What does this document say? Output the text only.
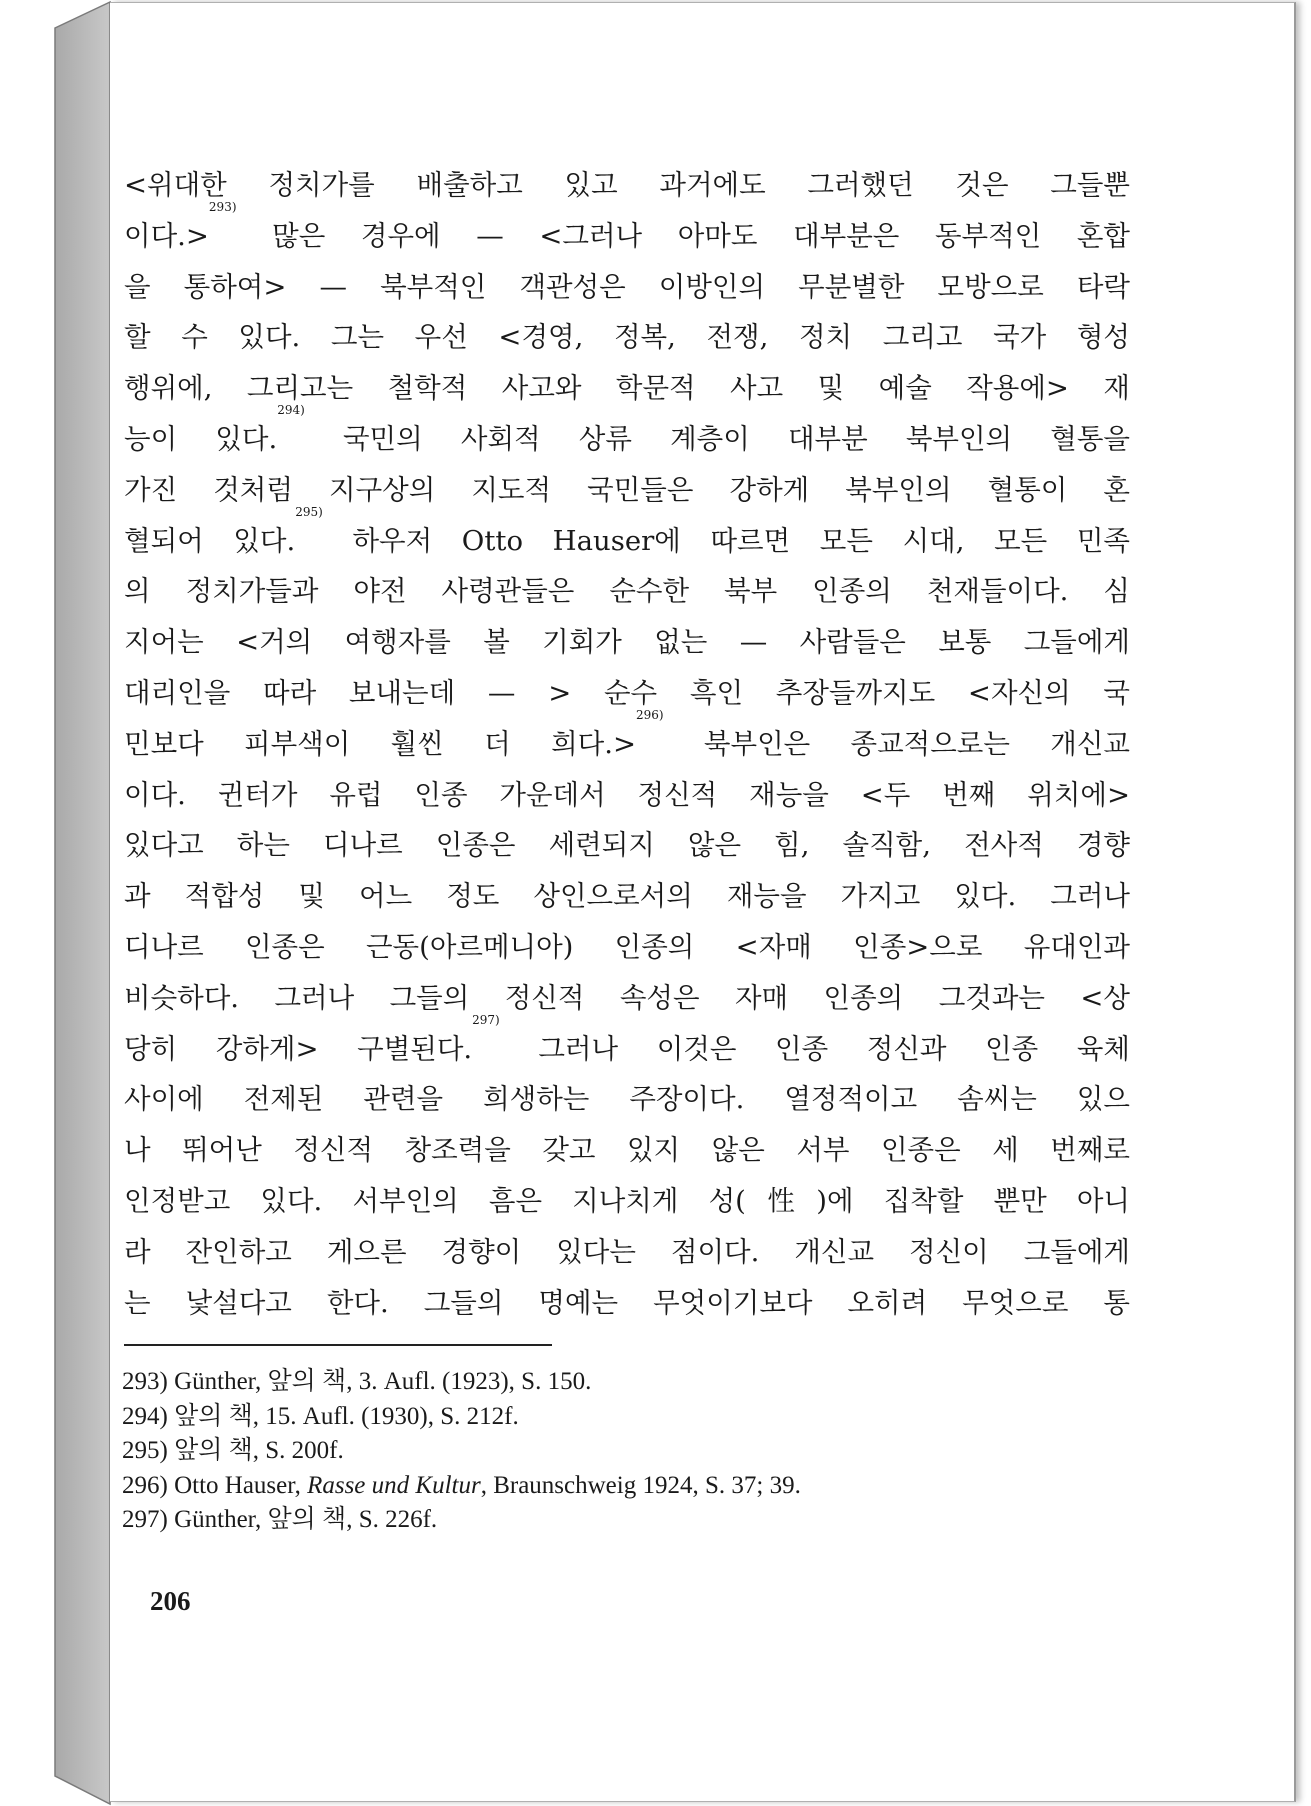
<위대한 정치가를 배출하고 있고 과거에도 그러했던 것은 그들뿐
이다.>$^{293)}$ 많은 경우에 — <그러나 아마도 대부분은 동부적인 혼합
을 통하여> — 북부적인 객관성은 이방인의 무분별한 모방으로 타락
할 수 있다. 그는 우선 <경영, 정복, 전쟁, 정치 그리고 국가 형성
행위에, 그리고는 철학적 사고와 학문적 사고 및 예술 작용에> 재
능이 있다.$^{294)}$ 국민의 사회적 상류 계층이 대부분 북부인의 혈통을
가진 것처럼 지구상의 지도적 국민들은 강하게 북부인의 혈통이 혼
혈되어 있다.$^{295)}$ 하우저 Otto Hauser에 따르면 모든 시대, 모든 민족
의 정치가들과 야전 사령관들은 순수한 북부 인종의 천재들이다. 심
지어는 <거의 여행자를 볼 기회가 없는 — 사람들은 보통 그들에게
대리인을 따라 보내는데 — > 순수 흑인 추장들까지도 <자신의 국
민보다 피부색이 훨씬 더 희다.>$^{296)}$ 북부인은 종교적으로는 개신교
이다. 귄터가 유럽 인종 가운데서 정신적 재능을 <두 번째 위치에>
있다고 하는 디나르 인종은 세련되지 않은 힘, 솔직함, 전사적 경향
과 적합성 및 어느 정도 상인으로서의 재능을 가지고 있다. 그러나
디나르 인종은 근동(아르메니아) 인종의 <자매 인종>으로 유대인과
비슷하다. 그러나 그들의 정신적 속성은 자매 인종의 그것과는 <상
당히 강하게> 구별된다.$^{297)}$ 그러나 이것은 인종 정신과 인종 육체
사이에 전제된 관련을 희생하는 주장이다. 열정적이고 솜씨는 있으
나 뛰어난 정신적 창조력을 갖고 있지 않은 서부 인종은 세 번째로
인정받고 있다. 서부인의 흠은 지나치게 성(性)에 집착할 뿐만 아니
라 잔인하고 게으른 경향이 있다는 점이다. 개신교 정신이 그들에게
는 낯설다고 한다. 그들의 명예는 무엇이기보다 오히려 무엇으로 통
293) Günther, 앞의 책, 3. Aufl. (1923), S. 150.
294) 앞의 책, 15. Aufl. (1930), S. 212f.
295) 앞의 책, S. 200f.
296) Otto Hauser, Rasse und Kultur, Braunschweig 1924, S. 37; 39.
297) Günther, 앞의 책, S. 226f.
206
